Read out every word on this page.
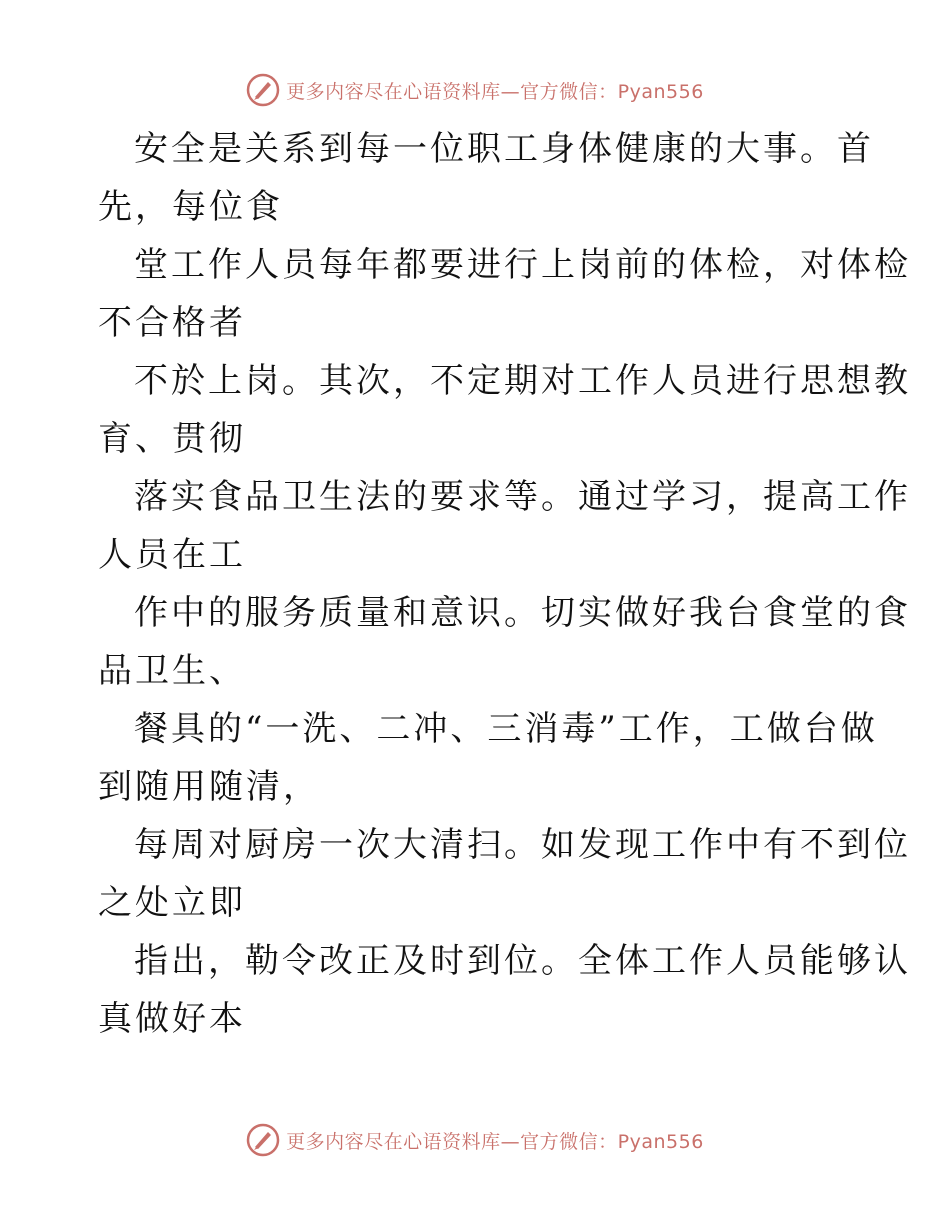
更多内容尽在心语资料库—官方微信：Pyan556

安全是关系到每一位职工身体健康的大事。首
先，每位食

堂工作人员每年都要进行上岗前的体检，对体检
不合格者

不於上岗。其次，不定期对工作人员进行思想教
育、贯彻

落实食品卫生法的要求等。通过学习，提高工作
人员在工

作中的服务质量和意识。切实做好我台食堂的食
品卫生、

餐具的“一洗、二冲、三消毒”工作，工做台做
到随用随清，

每周对厨房一次大清扫。如发现工作中有不到位
之处立即

指出，勒令改正及时到位。全体工作人员能够认
真做好本

更多内容尽在心语资料库—官方微信：Pyan556
